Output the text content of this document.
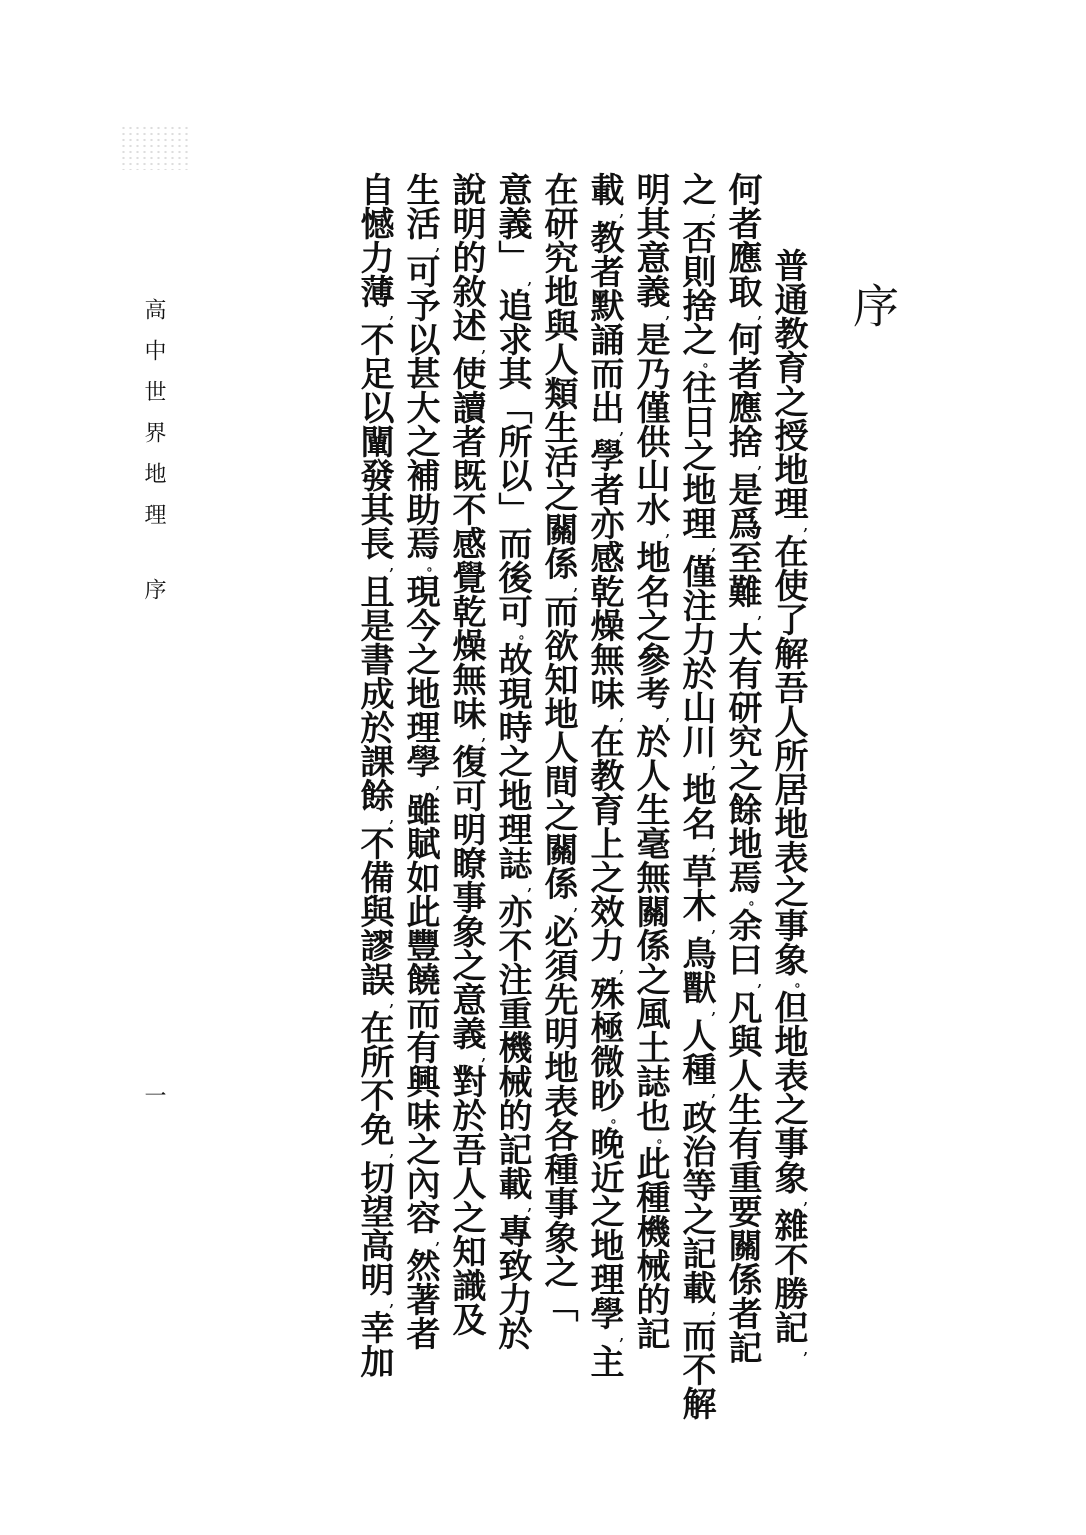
序
普通教育之授地理,在使了解吾人所居地表之事象。但地表之事象,雜不勝記,
何者應取,何者應捨,是爲至難,大有研究之餘地焉。余曰,凡與人生有重要關係者記
之,否則捨之。往日之地理,僅注力於山川,地名,草木,鳥獸,人種,政治等之記載,而不解
明其意義,是乃僅供山水,地名之參考,於人生毫無關係之風土誌也。此種機械的記
載,教者默誦而出,學者亦感乾燥無味,在教育上之效力,殊極微眇。晚近之地理學,主
在研究地與人類生活之關係,而欲知地人間之關係,必須先明地表各種事象之「
意義」,追求其「所以」而後可。故現時之地理誌,亦不注重機械的記載,專致力於
說明的敘述,使讀者既不感覺乾燥無味,復可明瞭事象之意義,對於吾人之知識及
生活,可予以甚大之補助焉。現今之地理學,雖賦如此豐饒而有興味之內容,然著者
自憾力薄,不足以闡發其長,且是書成於課餘,不備與謬誤,在所不免,切望高明,幸加
高中世界地理
序
一
